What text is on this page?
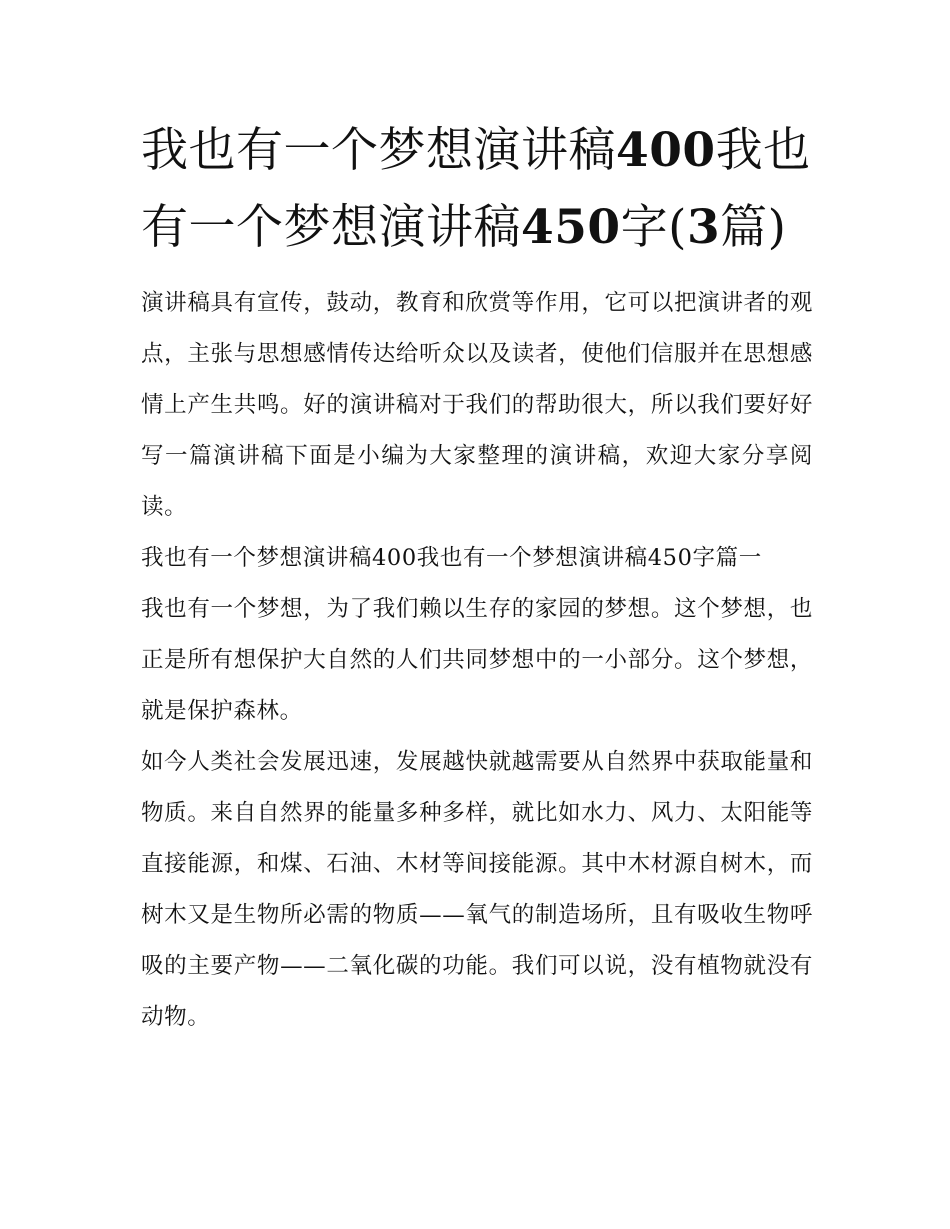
我也有一个梦想演讲稿400我也有一个梦想演讲稿450字(3篇)

演讲稿具有宣传，鼓动，教育和欣赏等作用，它可以把演讲者的观点，主张与思想感情传达给听众以及读者，使他们信服并在思想感情上产生共鸣。好的演讲稿对于我们的帮助很大，所以我们要好好写一篇演讲稿下面是小编为大家整理的演讲稿，欢迎大家分享阅读。

我也有一个梦想演讲稿400我也有一个梦想演讲稿450字篇一

我也有一个梦想，为了我们赖以生存的家园的梦想。这个梦想，也正是所有想保护大自然的人们共同梦想中的一小部分。这个梦想，就是保护森林。

如今人类社会发展迅速，发展越快就越需要从自然界中获取能量和物质。来自自然界的能量多种多样，就比如水力、风力、太阳能等直接能源，和煤、石油、木材等间接能源。其中木材源自树木，而树木又是生物所必需的物质——氧气的制造场所，且有吸收生物呼吸的主要产物——二氧化碳的功能。我们可以说，没有植物就没有动物。
